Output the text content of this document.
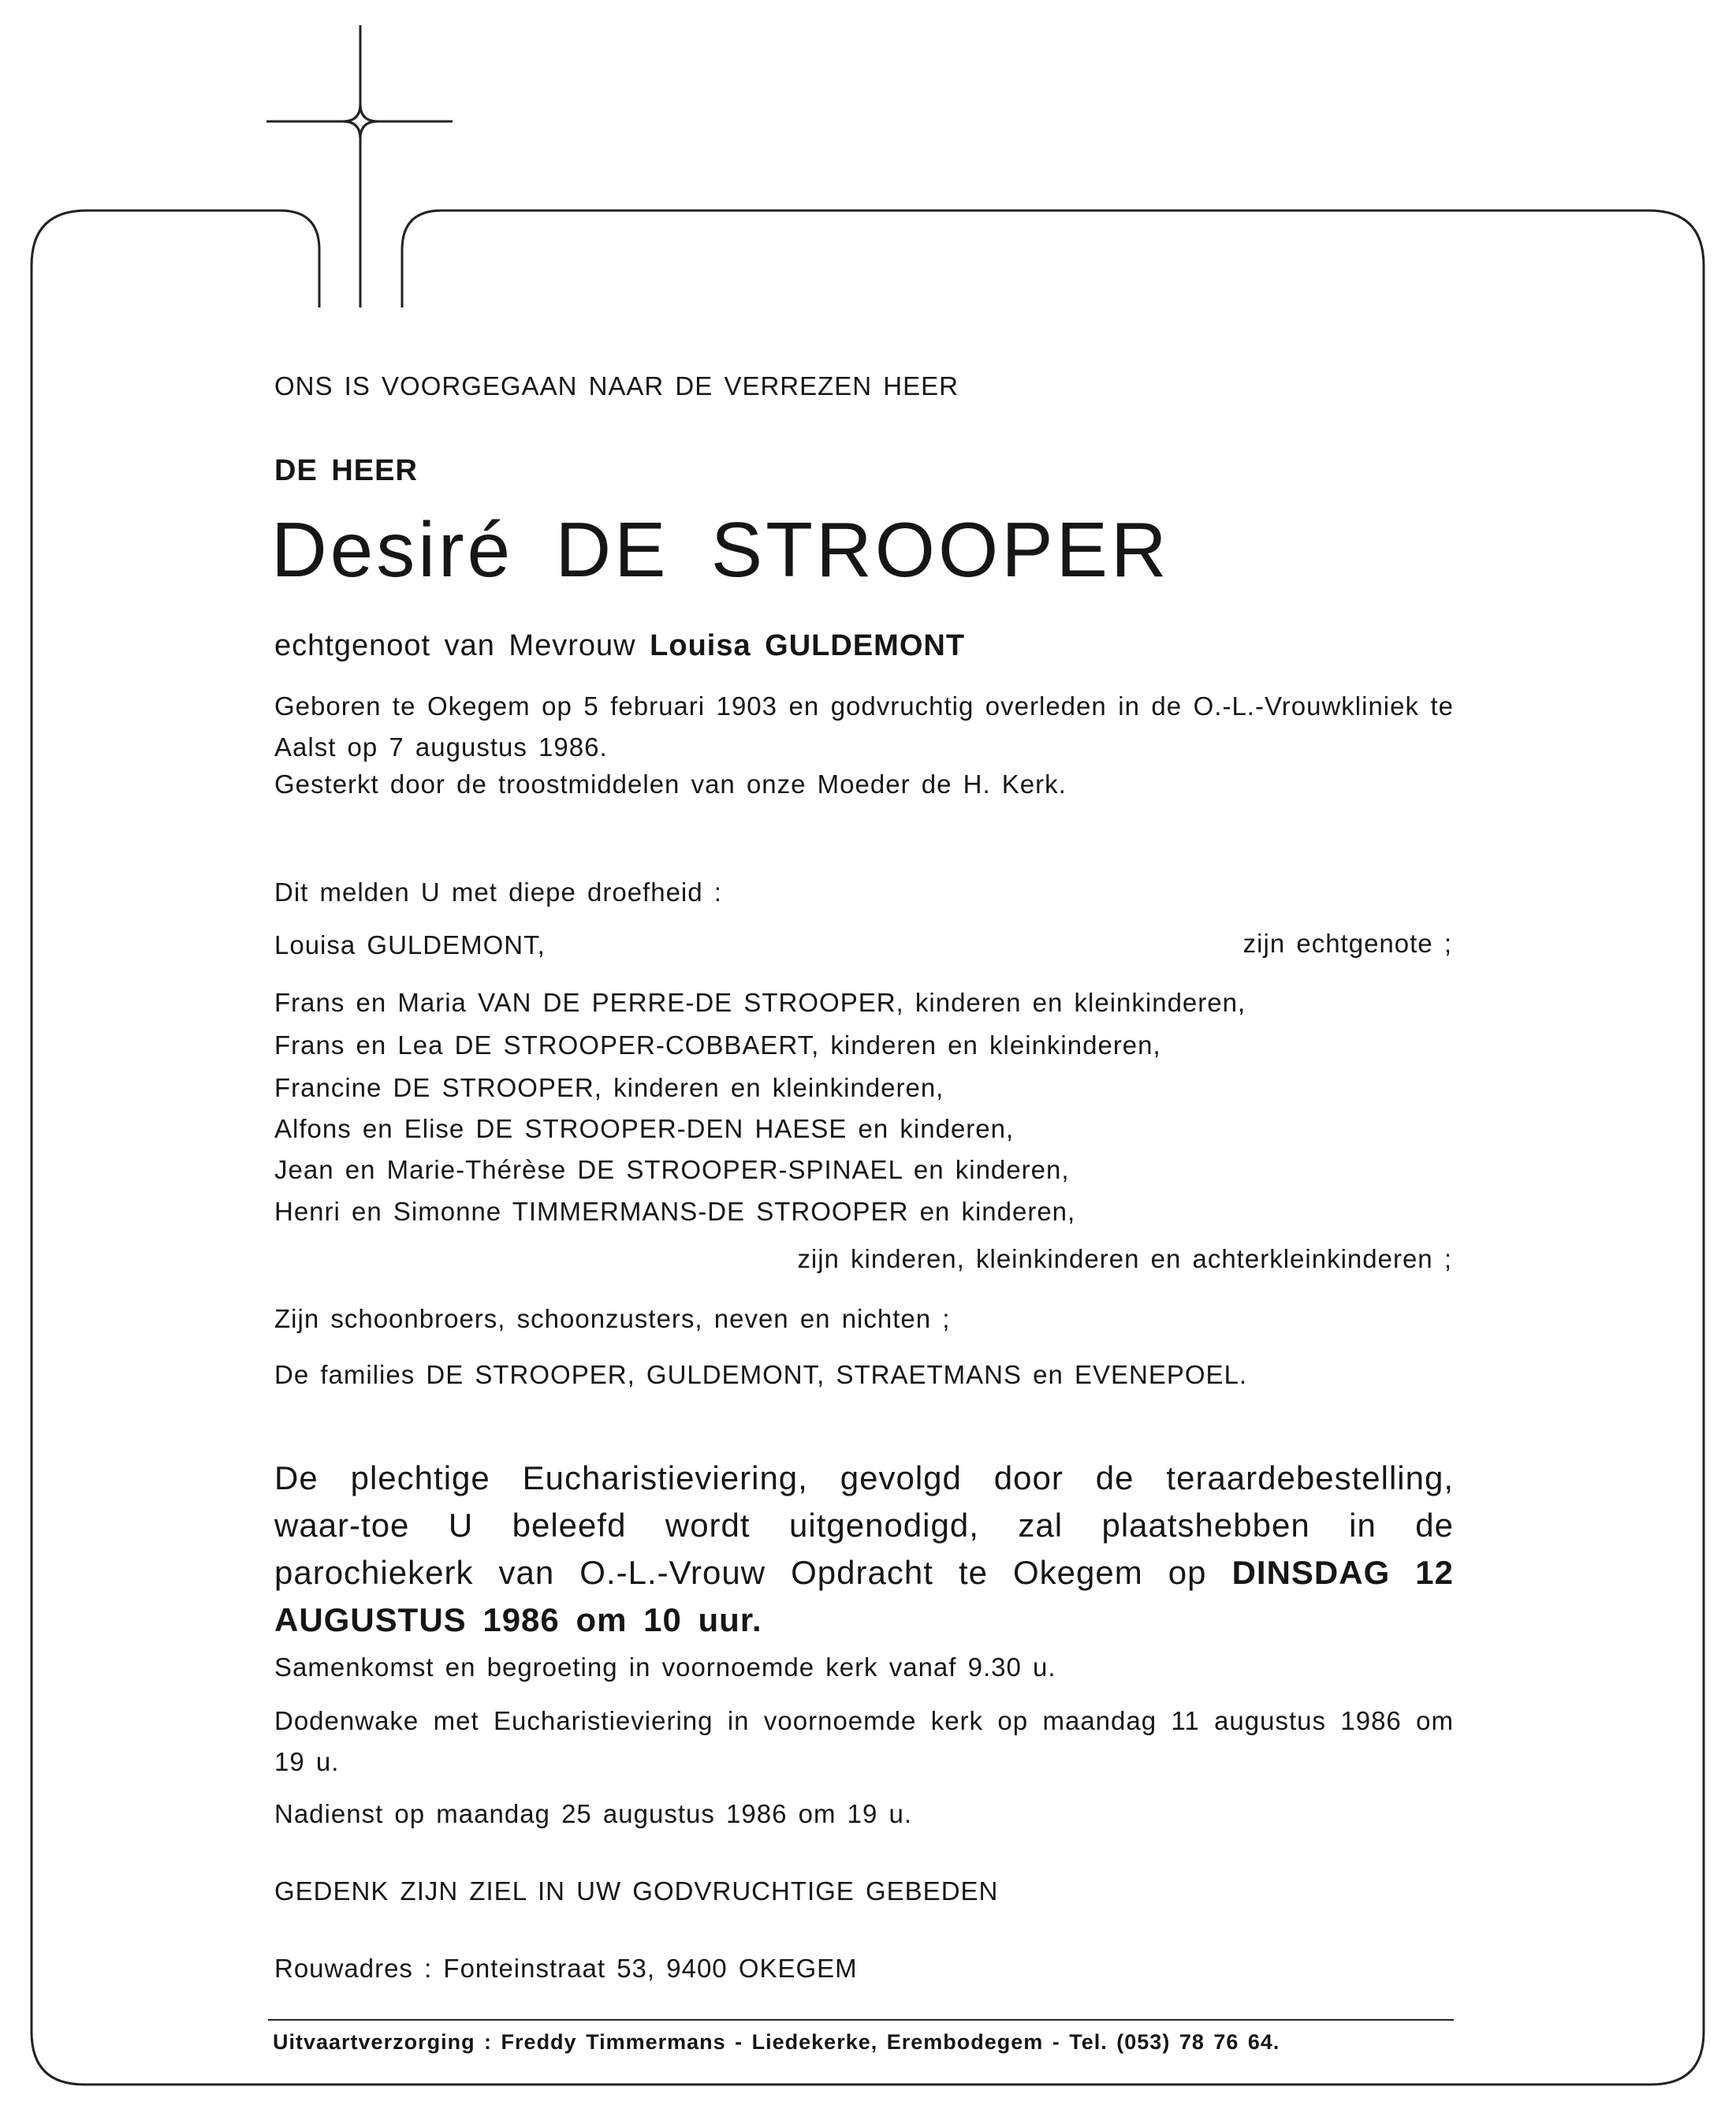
ONS IS VOORGEGAAN NAAR DE VERREZEN HEER

DE HEER

Desiré DE STROOPER

echtgenoot van Mevrouw Louisa GULDEMONT

Geboren te Okegem op 5 februari 1903 en godvruchtig overleden in de O.-L.-Vrouwkliniek te Aalst op 7 augustus 1986.

Gesterkt door de troostmiddelen van onze Moeder de H. Kerk.

Dit melden U met diepe droefheid :

Louisa GULDEMONT,	zijn echtgenote ;

Frans en Maria VAN DE PERRE-DE STROOPER, kinderen en kleinkinderen,

Frans en Lea DE STROOPER-COBBAERT, kinderen en kleinkinderen,

Francine DE STROOPER, kinderen en kleinkinderen,

Alfons en Elise DE STROOPER-DEN HAESE en kinderen,

Jean en Marie-Thérèse DE STROOPER-SPINAEL en kinderen,

Henri en Simonne TIMMERMANS-DE STROOPER en kinderen,

zijn kinderen, kleinkinderen en achterkleinkinderen ;

Zijn schoonbroers, schoonzusters, neven en nichten ;

De families DE STROOPER, GULDEMONT, STRAETMANS en EVENEPOEL.

De plechtige Eucharistieviering, gevolgd door de teraardebestelling, waar-toe U beleefd wordt uitgenodigd, zal plaatshebben in de parochiekerk van O.-L.-Vrouw Opdracht te Okegem op DINSDAG 12 AUGUSTUS 1986 om 10 uur.

Samenkomst en begroeting in voornoemde kerk vanaf 9.30 u.

Dodenwake met Eucharistieviering in voornoemde kerk op maandag 11 augustus 1986 om 19 u.

Nadienst op maandag 25 augustus 1986 om 19 u.

GEDENK ZIJN ZIEL IN UW GODVRUCHTIGE GEBEDEN

Rouwadres : Fonteinstraat 53, 9400 OKEGEM

Uitvaartverzorging : Freddy Timmermans - Liedekerke, Erembodegem - Tel. (053) 78 76 64.
